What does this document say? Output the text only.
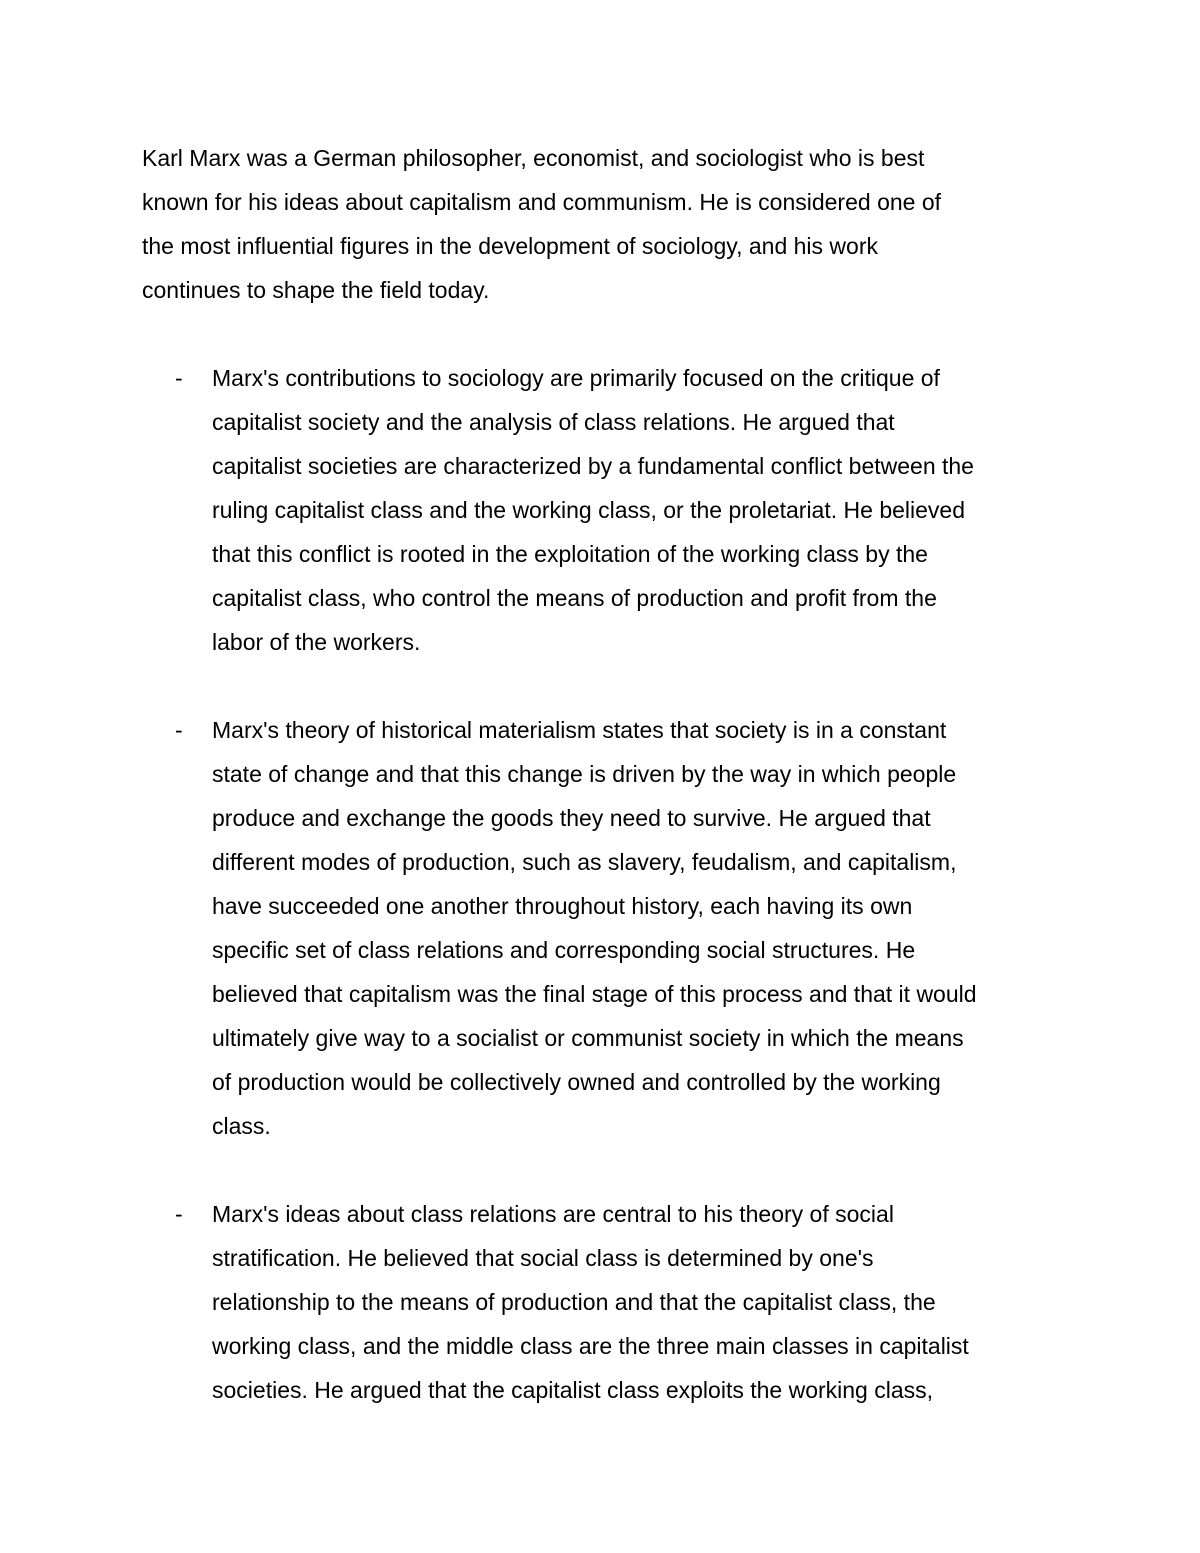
Karl Marx was a German philosopher, economist, and sociologist who is best
known for his ideas about capitalism and communism. He is considered one of
the most influential figures in the development of sociology, and his work
continues to shape the field today.
- Marx's contributions to sociology are primarily focused on the critique of
capitalist society and the analysis of class relations. He argued that
capitalist societies are characterized by a fundamental conflict between the
ruling capitalist class and the working class, or the proletariat. He believed
that this conflict is rooted in the exploitation of the working class by the
capitalist class, who control the means of production and profit from the
labor of the workers.
- Marx's theory of historical materialism states that society is in a constant
state of change and that this change is driven by the way in which people
produce and exchange the goods they need to survive. He argued that
different modes of production, such as slavery, feudalism, and capitalism,
have succeeded one another throughout history, each having its own
specific set of class relations and corresponding social structures. He
believed that capitalism was the final stage of this process and that it would
ultimately give way to a socialist or communist society in which the means
of production would be collectively owned and controlled by the working
class.
- Marx's ideas about class relations are central to his theory of social
stratification. He believed that social class is determined by one's
relationship to the means of production and that the capitalist class, the
working class, and the middle class are the three main classes in capitalist
societies. He argued that the capitalist class exploits the working class,
